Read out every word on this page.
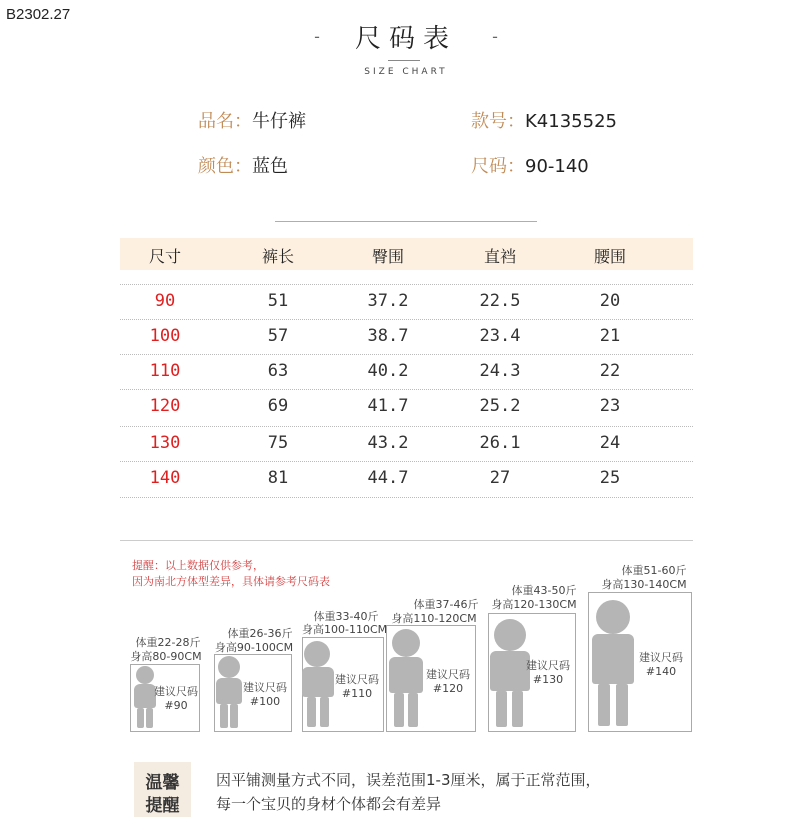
B2302.27
- 尺码表 -
SIZE CHART
品名：牛仔裤	款号：K4135525
颜色：蓝色	尺码：90-140
尺寸	裤长	臀围	直裆	腰围
90	51	37.2	22.5	20
100	57	38.7	23.4	21
110	63	40.2	24.3	22
120	69	41.7	25.2	23
130	75	43.2	26.1	24
140	81	44.7	27	25
提醒：以上数据仅供参考，
因为南北方体型差异，具体请参考尺码表
体重22-28斤
身高80-90CM
建议尺码
#90
体重26-36斤
身高90-100CM
建议尺码
#100
体重33-40斤
身高100-110CM
建议尺码
#110
体重37-46斤
身高110-120CM
建议尺码
#120
体重43-50斤
身高120-130CM
建议尺码
#130
体重51-60斤
身高130-140CM
建议尺码
#140
温馨
提醒
因平铺测量方式不同，误差范围1-3厘米，属于正常范围，
每一个宝贝的身材个体都会有差异
